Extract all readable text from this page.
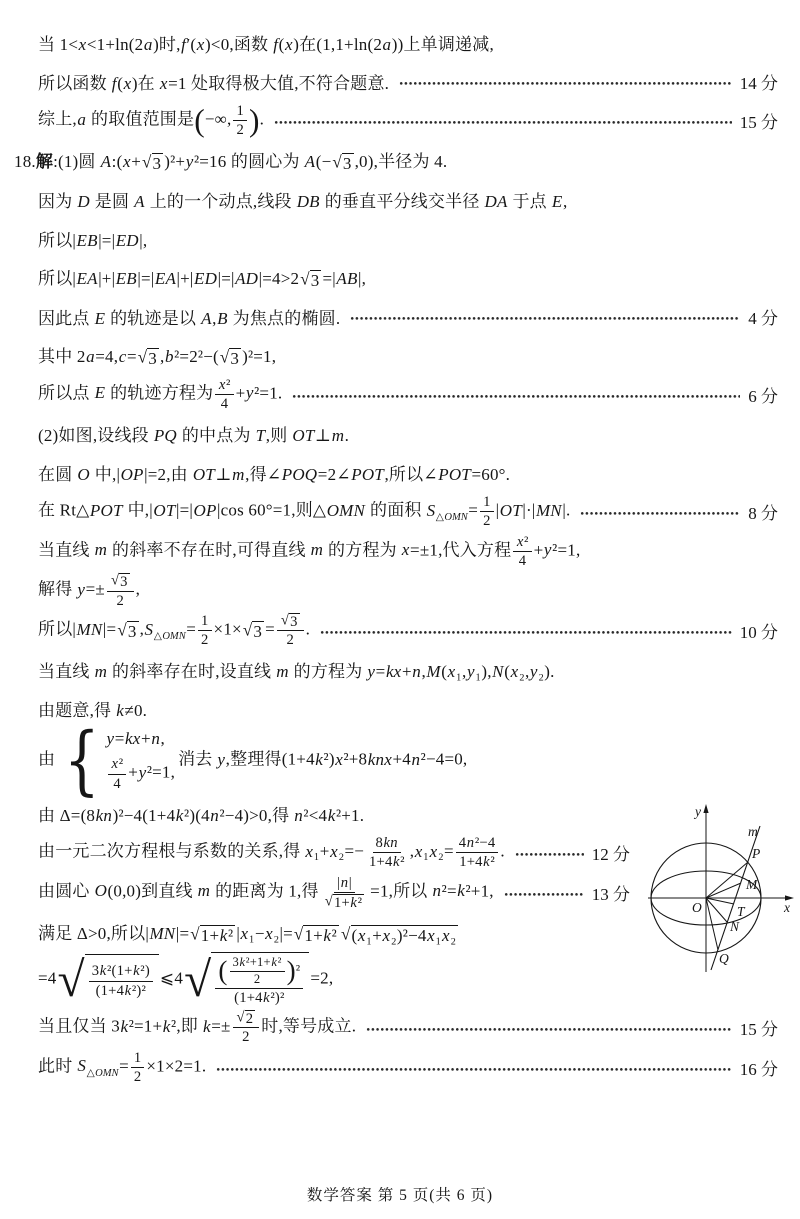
当 1<x<1+ln(2a)时,f′(x)<0,函数 f(x)在(1,1+ln(2a))上单调递减,
所以函数 f(x)在 x=1 处取得极大值,不符合题意.	14 分
综上,a 的取值范围是(−∞, $\frac{1}{2}$ ).	15 分
18.解:(1)圆 A:(x+ √ 3 )²+y²=16 的圆心为 A(− √ 3 ,0),半径为 4.
因为 D 是圆 A 上的一个动点,线段 DB 的垂直平分线交半径 DA 于点 E,
所以|EB|=|ED|,
所以|EA|+|EB|=|EA|+|ED|=|AD|=4>2 √ 3 =|AB|,
因此点 E 的轨迹是以 A,B 为焦点的椭圆.	4 分
其中 2a=4,c= √ 3 ,b²=2²−( √ 3 )²=1,
所以点 E 的轨迹方程为 $\frac{\text{x²}}{4} +y^2=1$.	6 分
(2)如图,设线段 PQ 的中点为 T,则 OT⊥m.
在圆 O 中,|OP|=2,由 OT⊥m,得∠POQ=2∠POT,所以∠POT=60°.
在 Rt△POT 中,|OT|=|OP|cos 60°=1,则△OMN 的面积 $S_{\triangle OMN}= \frac{1}{2} |OT|\cdot|MN|$.	8 分
当直线 m 的斜率不存在时,可得直线 m 的方程为 x=±1,代入方程 $\frac{\text{x²}}{4} +y^2=1$,
解得 $y=\pm \frac{√ 3}{2}$ ,
所以|MN|= √ 3 $,S_{\triangle OMN}= \frac{1}{2} \times 1\times$ √ $3 = \frac{√ 3}{2}$ .	10 分
当直线 m 的斜率存在时,设直线 m 的方程为 y=kx+n,M(x₁,y₁),N(x₂,y₂).
由题意,得 k≠0.
由 { y=kx+n,
$\frac{\text{x²}}{4} +y^2=1$,
消去 y,整理得(1+4k²)x²+8knx+4n²−4=0,
由 Δ=(8kn)²−4(1+4k²)(4n²−4)>0,得 n²<4k²+1.
由一元二次方程根与系数的关系,得 $x_1+x_2=- \frac{8kn}{\text{1+4k²}} ,x_1x_2= \frac{\text{4n²−4}}{\text{1+4k²}}$ .	12 分
由圆心 O(0,0)到直线 m 的距离为 1,得 $\frac{|n|}{\text{√ 1+k²}} =1$,所以 n²=k²+1,	13 分
满足 Δ>0,所以|MN|= √ 1+k² |x₁−x₂|= √ 1+k² √ (x₁+x₂)²−4x₁x₂
=4 √ $\frac{\text{3k²(1+k²)}}{\text{(1+4k²)²}}$ ⩽4 √ $\frac{( \frac{\text{3k²+1+k²}}{2} )^2}{\text{(1+4k²)²}} =2$,
当且仅当 3k²=1+k²,即 $k=\pm \frac{√ 2}{2}$ 时,等号成立.	15 分
此时 $S_{\triangle OMN}= \frac{1}{2} \times 1\times 2=1$.	16 分
y
x
m
O
P
M
T
N
Q
数学答案 第 5 页(共 6 页)
